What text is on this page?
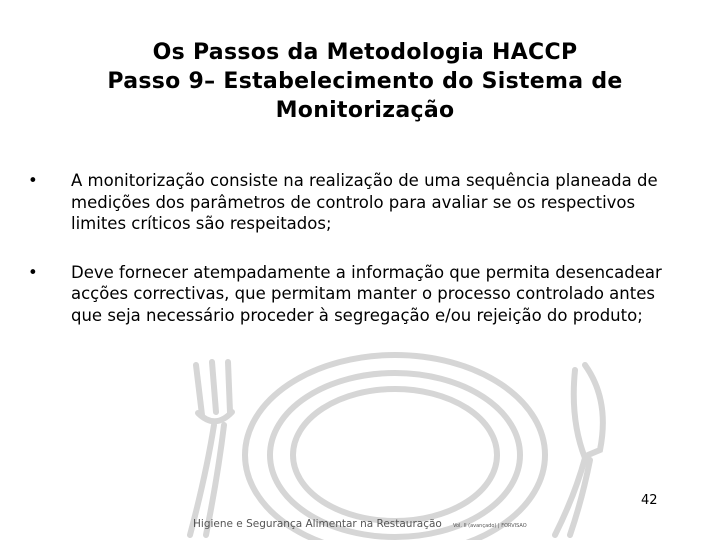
Os Passos da Metodologia HACCP
Passo 9– Estabelecimento do Sistema de
Monitorização
•	A monitorização consiste na realização de uma sequência planeada de medições dos parâmetros de controlo para avaliar se os respectivos limites críticos são respeitados;
•	Deve fornecer atempadamente a informação que permita desencadear acções correctivas, que permitam manter o processo controlado antes que seja necessário proceder à segregação e/ou rejeição do produto;
42
Higiene e Segurança Alimentar na Restauração Vol. II (avançado) | FORVISAO
